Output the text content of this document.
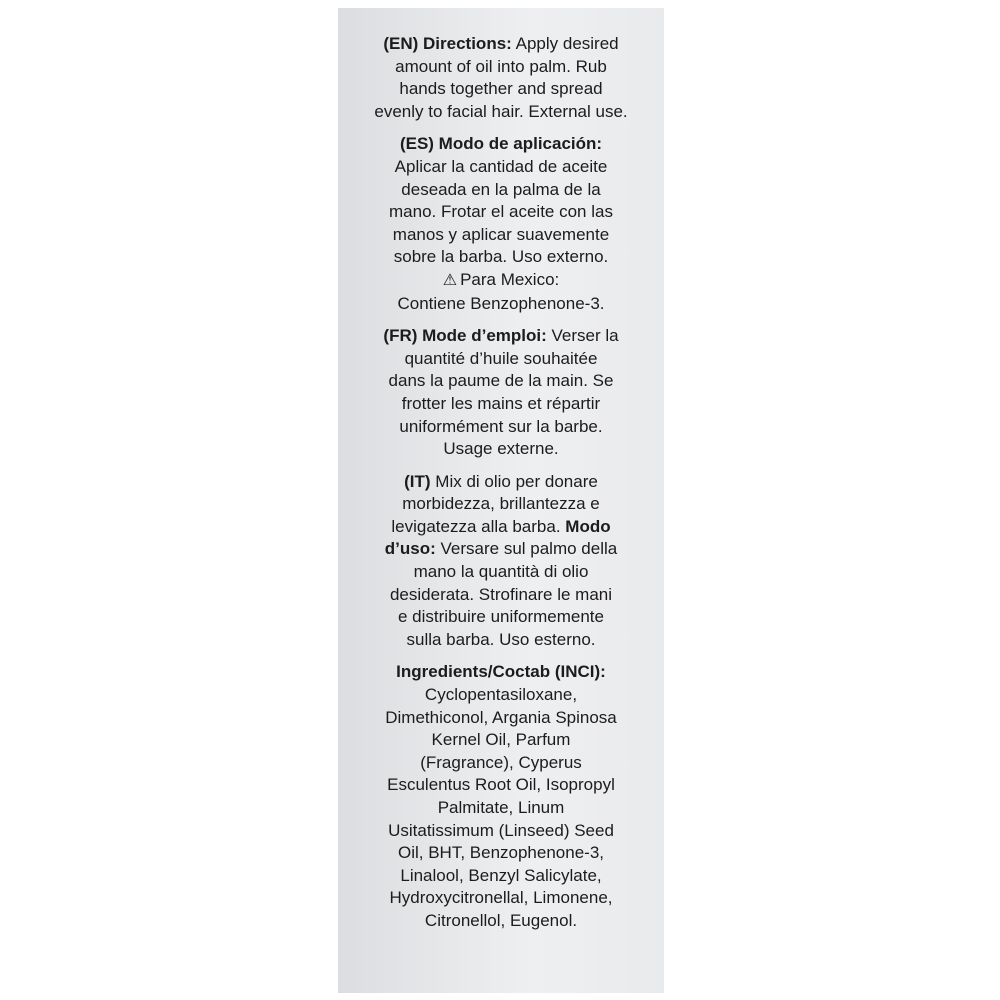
(EN) Directions: Apply desired
amount of oil into palm. Rub
hands together and spread
evenly to facial hair. External use.
(ES) Modo de aplicación:
Aplicar la cantidad de aceite
deseada en la palma de la
mano. Frotar el aceite con las
manos y aplicar suavemente
sobre la barba. Uso externo.
⚠ Para Mexico:
Contiene Benzophenone-3.
(FR) Mode d’emploi: Verser la
quantité d’huile souhaitée
dans la paume de la main. Se
frotter les mains et répartir
uniformément sur la barbe.
Usage externe.
(IT) Mix di olio per donare
morbidezza, brillantezza e
levigatezza alla barba. Modo
d’uso: Versare sul palmo della
mano la quantità di olio
desiderata. Strofinare le mani
e distribuire uniformemente
sulla barba. Uso esterno.
Ingredients/Coctab (INCI):
Cyclopentasiloxane,
Dimethiconol, Argania Spinosa
Kernel Oil, Parfum
(Fragrance), Cyperus
Esculentus Root Oil, Isopropyl
Palmitate, Linum
Usitatissimum (Linseed) Seed
Oil, BHT, Benzophenone-3,
Linalool, Benzyl Salicylate,
Hydroxycitronellal, Limonene,
Citronellol, Eugenol.
